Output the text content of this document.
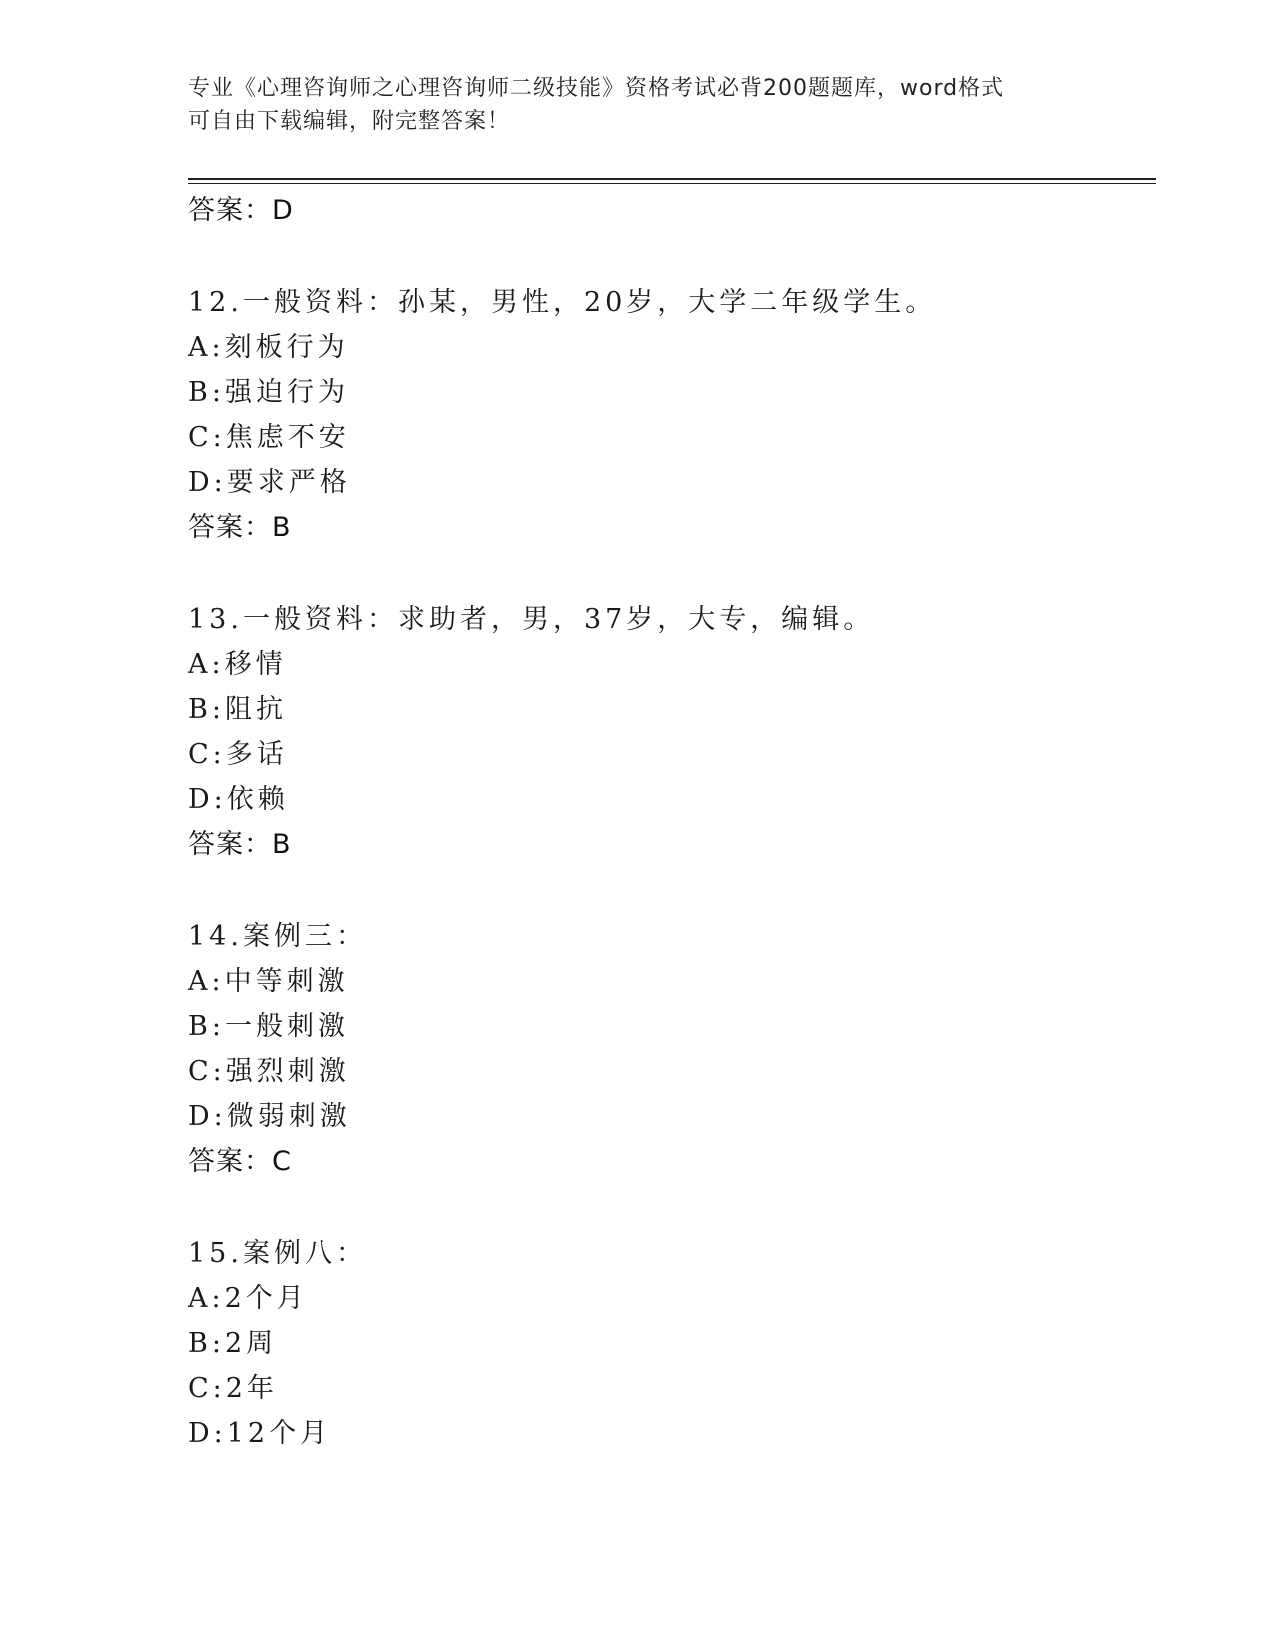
专业《心理咨询师之心理咨询师二级技能》资格考试必背200题题库，word格式
可自由下载编辑，附完整答案！
答案：D
12.一般资料：孙某，男性，20岁，大学二年级学生。
A:刻板行为
B:强迫行为
C:焦虑不安
D:要求严格
答案：B
13.一般资料：求助者，男，37岁，大专，编辑。
A:移情
B:阻抗
C:多话
D:依赖
答案：B
14.案例三：
A:中等刺激
B:一般刺激
C:强烈刺激
D:微弱刺激
答案：C
15.案例八：
A:2个月
B:2周
C:2年
D:12个月
